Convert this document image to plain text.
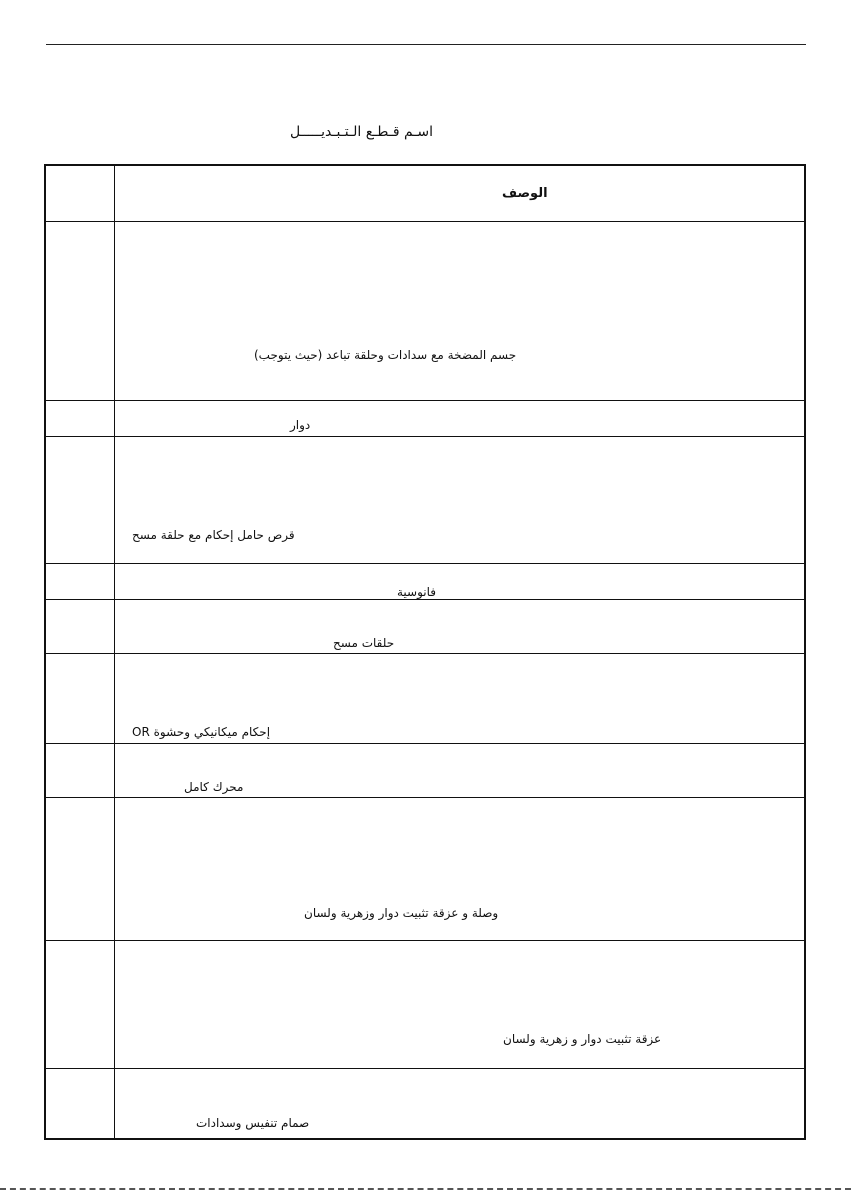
اسـم قـطـع الـتـبـديـــــل
الوصف
جسم المضخة مع سدادات وحلقة تباعد (حيث يتوجب)
دوار
قرص حامل إحكام مع حلقة مسح
فانوسية
حلقات مسح
إحكام ميكانيكي وحشوة OR
محرك كامل
وصلة و عزقة تثبيت دوار وزهرية ولسان
عزقة تثبيت دوار و زهرية ولسان
صمام تنفيس وسدادات
